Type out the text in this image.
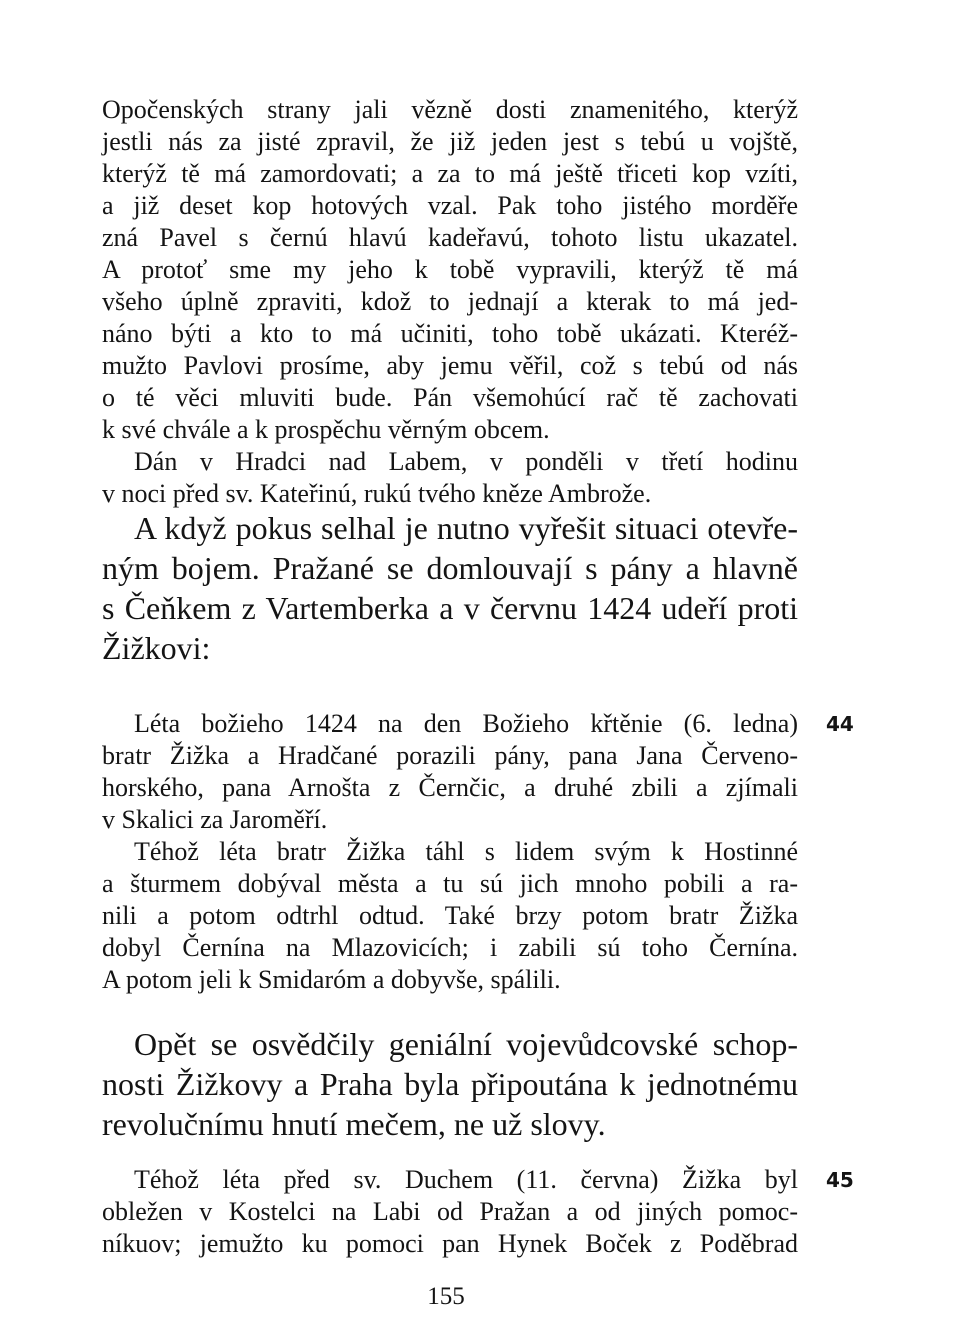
Opočenských strany jali vězně dosti znamenitého, kterýž

jestli nás za jisté zpravil, že již jeden jest s tebú u vojště,

kterýž tě má zamordovati; a za to má ještě třiceti kop vzíti,

a již deset kop hotových vzal. Pak toho jistého morděře

zná Pavel s černú hlavú kadeřavú, tohoto listu ukazatel.

A protoť sme my jeho k tobě vypravili, kterýž tě má

všeho úplně zpraviti, kdož to jednají a kterak to má jed-

náno býti a kto to má učiniti, toho tobě ukázati. Kteréž-

mužto Pavlovi prosíme, aby jemu věřil, což s tebú od nás

o té věci mluviti bude. Pán všemohúcí rač tě zachovati

k své chvále a k prospěchu věrným obcem.

Dán v Hradci nad Labem, v ponděli v třetí hodinu

v noci před sv. Kateřinú, rukú tvého kněze Ambrože.

A když pokus selhal je nutno vyřešit situaci otevře-

ným bojem. Pražané se domlouvají s pány a hlavně

s Čeňkem z Vartemberka a v červnu 1424 udeří proti

Žižkovi:

Léta božieho 1424 na den Božieho křtěnie (6. ledna) 44

bratr Žižka a Hradčané porazili pány, pana Jana Červeno-

horského, pana Arnošta z Černčic, a druhé zbili a zjímali

v Skalici za Jaroměří.

Téhož léta bratr Žižka táhl s lidem svým k Hostinné

a šturmem dobýval města a tu sú jich mnoho pobili a ra-

nili a potom odtrhl odtud. Také brzy potom bratr Žižka

dobyl Černína na Mlazovicích; i zabili sú toho Černína.

A potom jeli k Smidaróm a dobyvše, spálili.

Opět se osvědčily geniální vojevůdcovské schop-

nosti Žižkovy a Praha byla připoutána k jednotnému

revolučnímu hnutí mečem, ne už slovy.

Téhož léta před sv. Duchem (11. června) Žižka byl 45

obležen v Kostelci na Labi od Pražan a od jiných pomoc-

níkuov; jemužto ku pomoci pan Hynek Boček z Poděbrad

155
